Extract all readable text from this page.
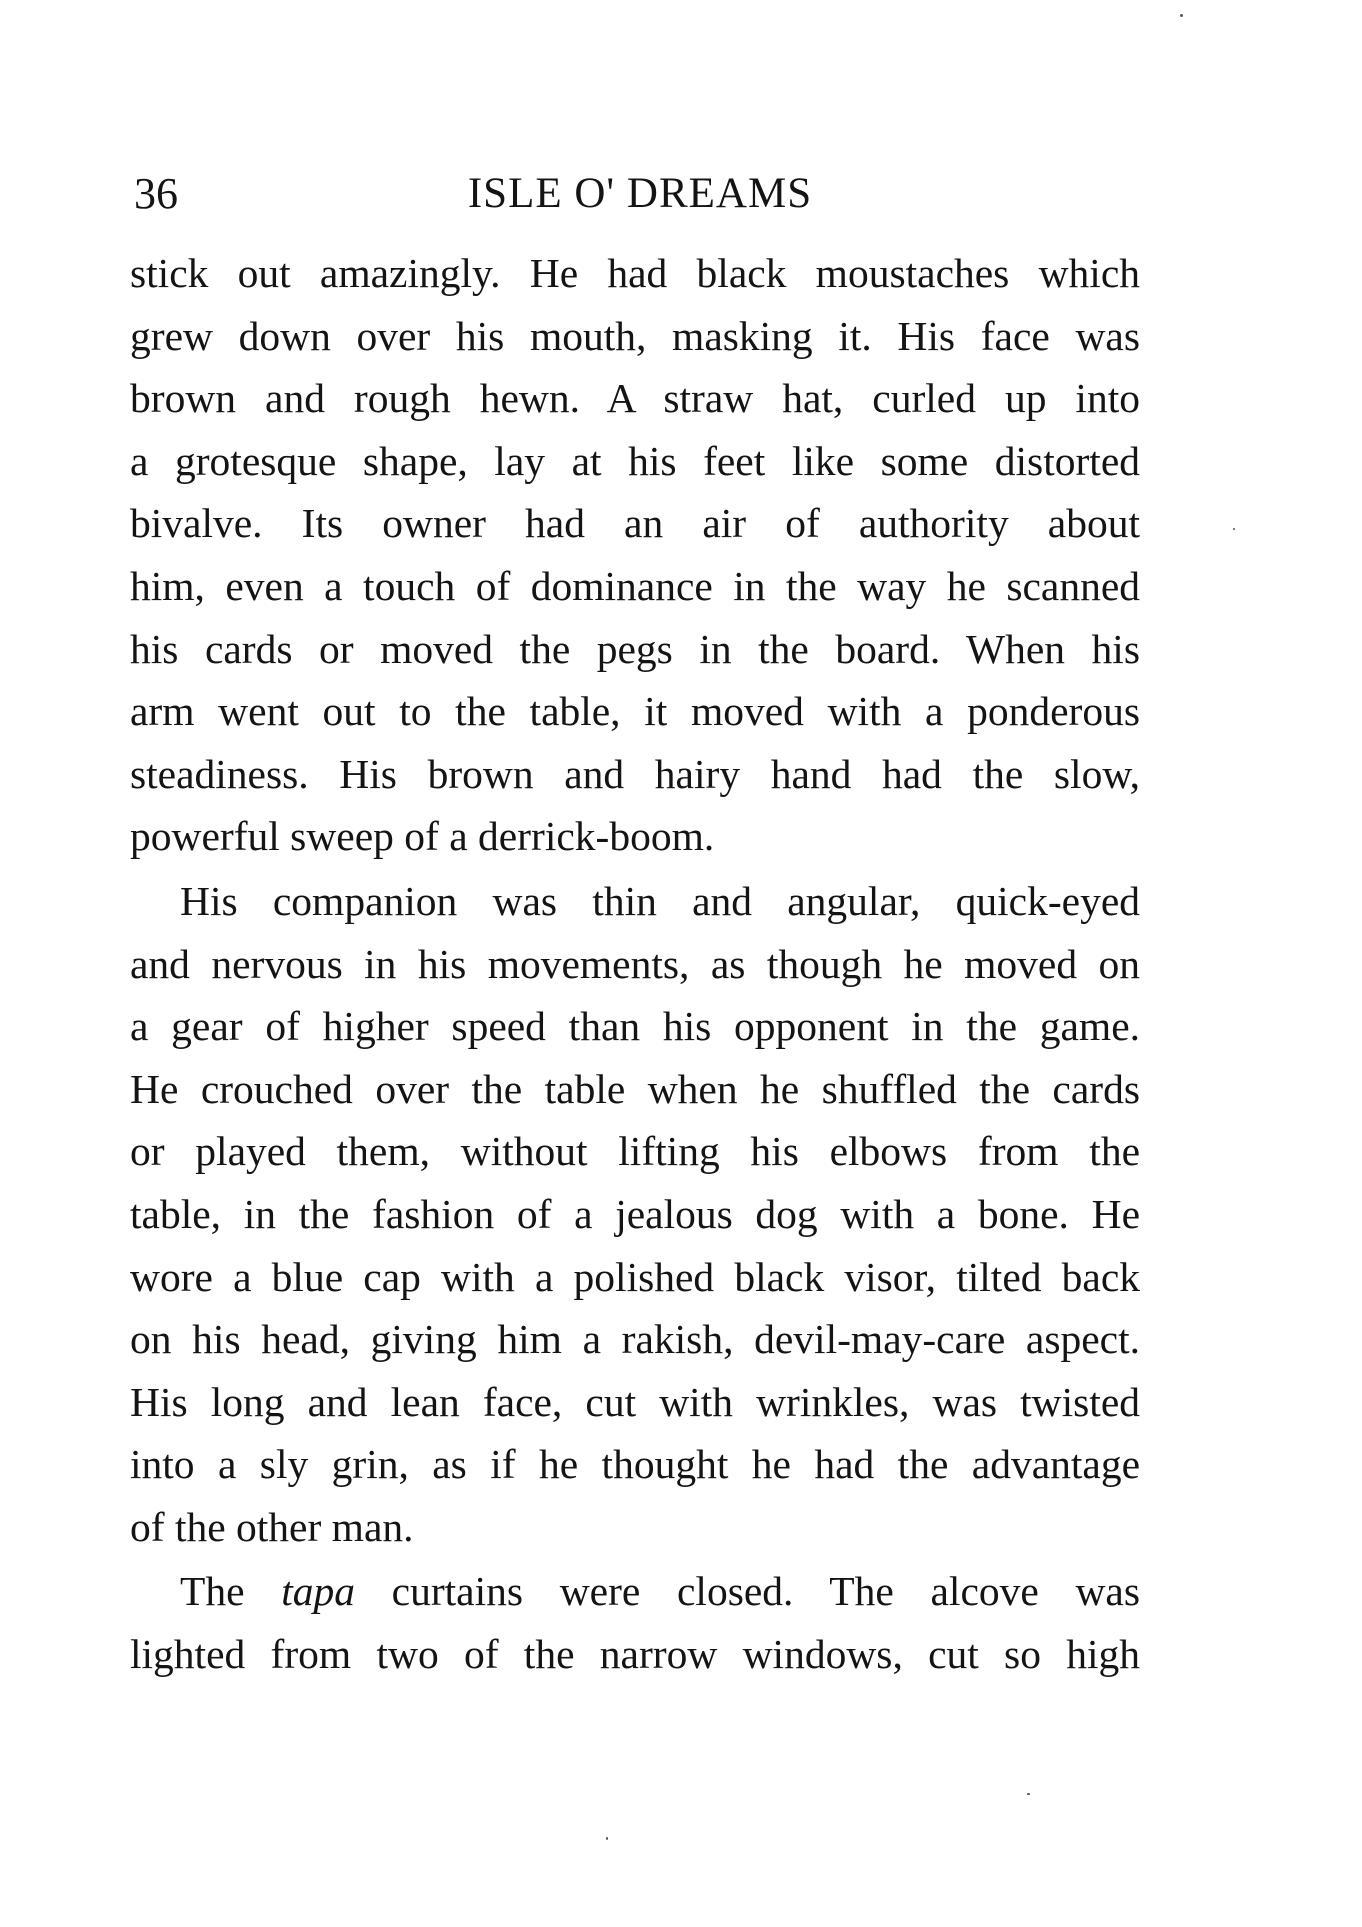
36	ISLE O' DREAMS
stick out amazingly. He had black moustaches which
grew down over his mouth, masking it. His face was
brown and rough hewn. A straw hat, curled up into
a grotesque shape, lay at his feet like some distorted
bivalve. Its owner had an air of authority about
him, even a touch of dominance in the way he scanned
his cards or moved the pegs in the board. When his
arm went out to the table, it moved with a ponderous
steadiness. His brown and hairy hand had the slow,
powerful sweep of a derrick-boom.
His companion was thin and angular, quick-eyed
and nervous in his movements, as though he moved on
a gear of higher speed than his opponent in the game.
He crouched over the table when he shuffled the cards
or played them, without lifting his elbows from the
table, in the fashion of a jealous dog with a bone. He
wore a blue cap with a polished black visor, tilted back
on his head, giving him a rakish, devil-may-care aspect.
His long and lean face, cut with wrinkles, was twisted
into a sly grin, as if he thought he had the advantage
of the other man.
The tapa curtains were closed. The alcove was
lighted from two of the narrow windows, cut so high
